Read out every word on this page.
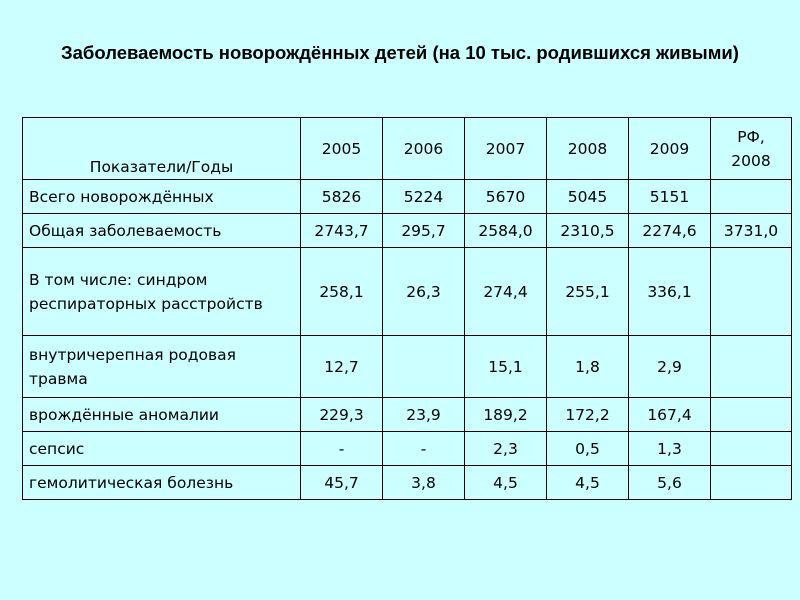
Заболеваемость новорождённых детей (на 10 тыс. родившихся живыми)
Показатели/Годы	2005	2006	2007	2008	2009	РФ,
2008
Всего новорождённых	5826	5224	5670	5045	5151	
Общая заболеваемость	2743,7	295,7	2584,0	2310,5	2274,6	3731,0
В том числе: синдром респираторных расстройств	258,1	26,3	274,4	255,1	336,1	
внутричерепная родовая травма	12,7		15,1	1,8	2,9	
врождённые аномалии	229,3	23,9	189,2	172,2	167,4	
сепсис	-	-	2,3	0,5	1,3	
гемолитическая болезнь	45,7	3,8	4,5	4,5	5,6	
